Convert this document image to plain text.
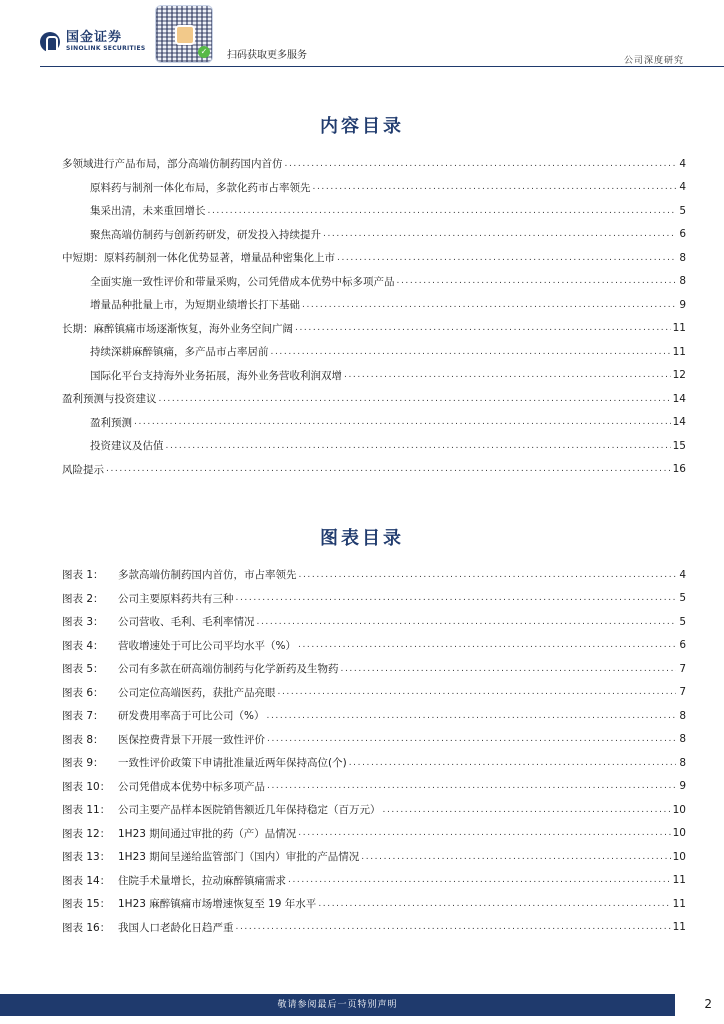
国金证券
SINOLINK SECURITIES	✓ 扫码获取更多服务	公司深度研究
内容目录
多领域进行产品布局，部分高端仿制药国内首仿 .....	4
原料药与制剂一体化布局，多款化药市占率领先 .....	4
集采出清，未来重回增长 .....	5
聚焦高端仿制药与创新药研发，研发投入持续提升 .....	6
中短期：原料药制剂一体化优势显著，增量品种密集化上市 .....	8
全面实施一致性评价和带量采购，公司凭借成本优势中标多项产品 .....	8
增量品种批量上市，为短期业绩增长打下基础 .....	9
长期：麻醉镇痛市场逐渐恢复，海外业务空间广阔 .....	11
持续深耕麻醉镇痛，多产品市占率居前 .....	11
国际化平台支持海外业务拓展，海外业务营收利润双增 .....	12
盈利预测与投资建议 .....	14
盈利预测 .....	14
投资建议及估值 .....	15
风险提示 .....	16
图表目录
图表 1：	多款高端仿制药国内首仿，市占率领先 .....	4
图表 2：	公司主要原料药共有三种 .....	5
图表 3：	公司营收、毛利、毛利率情况 .....	5
图表 4：	营收增速处于可比公司平均水平（%） .....	6
图表 5：	公司有多款在研高端仿制药与化学新药及生物药 .....	7
图表 6：	公司定位高端医药，获批产品亮眼 .....	7
图表 7：	研发费用率高于可比公司（%） .....	8
图表 8：	医保控费背景下开展一致性评价 .....	8
图表 9：	一致性评价政策下申请批准量近两年保持高位(个) .....	8
图表 10： 公司凭借成本优势中标多项产品 .....	9
图表 11： 公司主要产品样本医院销售额近几年保持稳定（百万元） .....	10
图表 12： 1H23 期间通过审批的药（产）品情况 .....	10
图表 13： 1H23 期间呈递给监管部门（国内）审批的产品情况 .....	10
图表 14： 住院手术量增长，拉动麻醉镇痛需求 .....	11
图表 15： 1H23 麻醉镇痛市场增速恢复至 19 年水平 .....	11
图表 16： 我国人口老龄化日趋严重 .....	11
敬请参阅最后一页特别声明	2
